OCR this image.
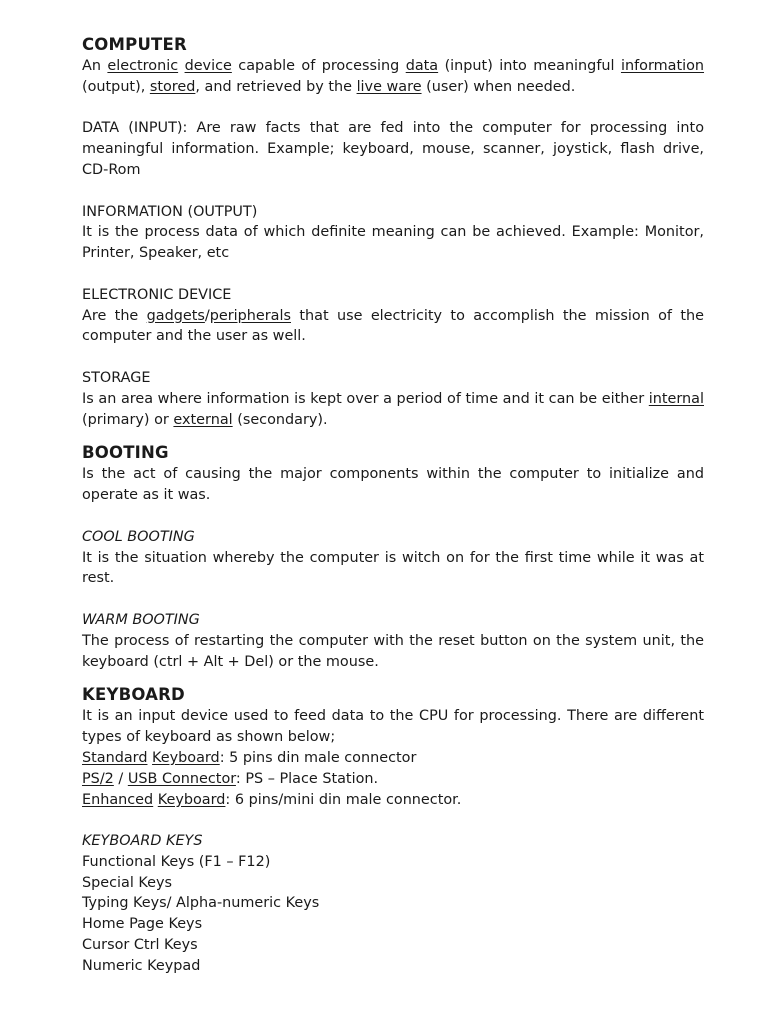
COMPUTER

An electronic device capable of processing data (input) into meaningful information (output), stored, and retrieved by the live ware (user) when needed.

DATA (INPUT): Are raw facts that are fed into the computer for processing into meaningful information. Example; keyboard, mouse, scanner, joystick, flash drive, CD-Rom

INFORMATION (OUTPUT)

It is the process data of which definite meaning can be achieved. Example: Monitor, Printer, Speaker, etc

ELECTRONIC DEVICE

Are the gadgets/peripherals that use electricity to accomplish the mission of the computer and the user as well.

STORAGE

Is an area where information is kept over a period of time and it can be either internal (primary) or external (secondary).

BOOTING

Is the act of causing the major components within the computer to initialize and operate as it was.

COOL BOOTING

It is the situation whereby the computer is witch on for the first time while it was at rest.

WARM BOOTING

The process of restarting the computer with the reset button on the system unit, the keyboard (ctrl + Alt + Del) or the mouse.

KEYBOARD

It is an input device used to feed data to the CPU for processing. There are different types of keyboard as shown below;

Standard Keyboard: 5 pins din male connector

PS/2 / USB Connector: PS – Place Station.

Enhanced Keyboard: 6 pins/mini din male connector.

KEYBOARD KEYS

Functional Keys (F1 – F12)
Special Keys
Typing Keys/ Alpha-numeric Keys
Home Page Keys
Cursor Ctrl Keys
Numeric Keypad
